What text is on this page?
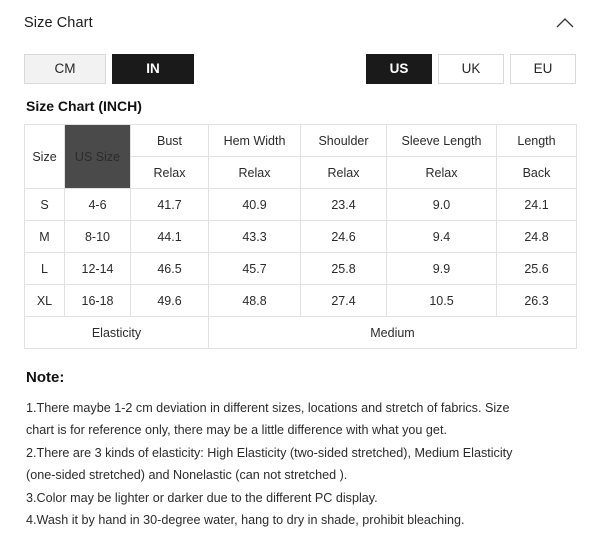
Size Chart
CM	IN	US	UK	EU
Size Chart (INCH)
Size	US Size	Bust	Hem Width	Shoulder	Sleeve Length	Length
		Relax	Relax	Relax	Relax	Back
S	4-6	41.7	40.9	23.4	9.0	24.1
M	8-10	44.1	43.3	24.6	9.4	24.8
L	12-14	46.5	45.7	25.8	9.9	25.6
XL	16-18	49.6	48.8	27.4	10.5	26.3
Elasticity			Medium			
Note:

1.There maybe 1-2 cm deviation in different sizes, locations and stretch of fabrics. Size

chart is for reference only, there may be a little difference with what you get.

2.There are 3 kinds of elasticity: High Elasticity (two-sided stretched), Medium Elasticity

(one-sided stretched) and Nonelastic (can not stretched ).

3.Color may be lighter or darker due to the different PC display.

4.Wash it by hand in 30-degree water, hang to dry in shade, prohibit bleaching.
